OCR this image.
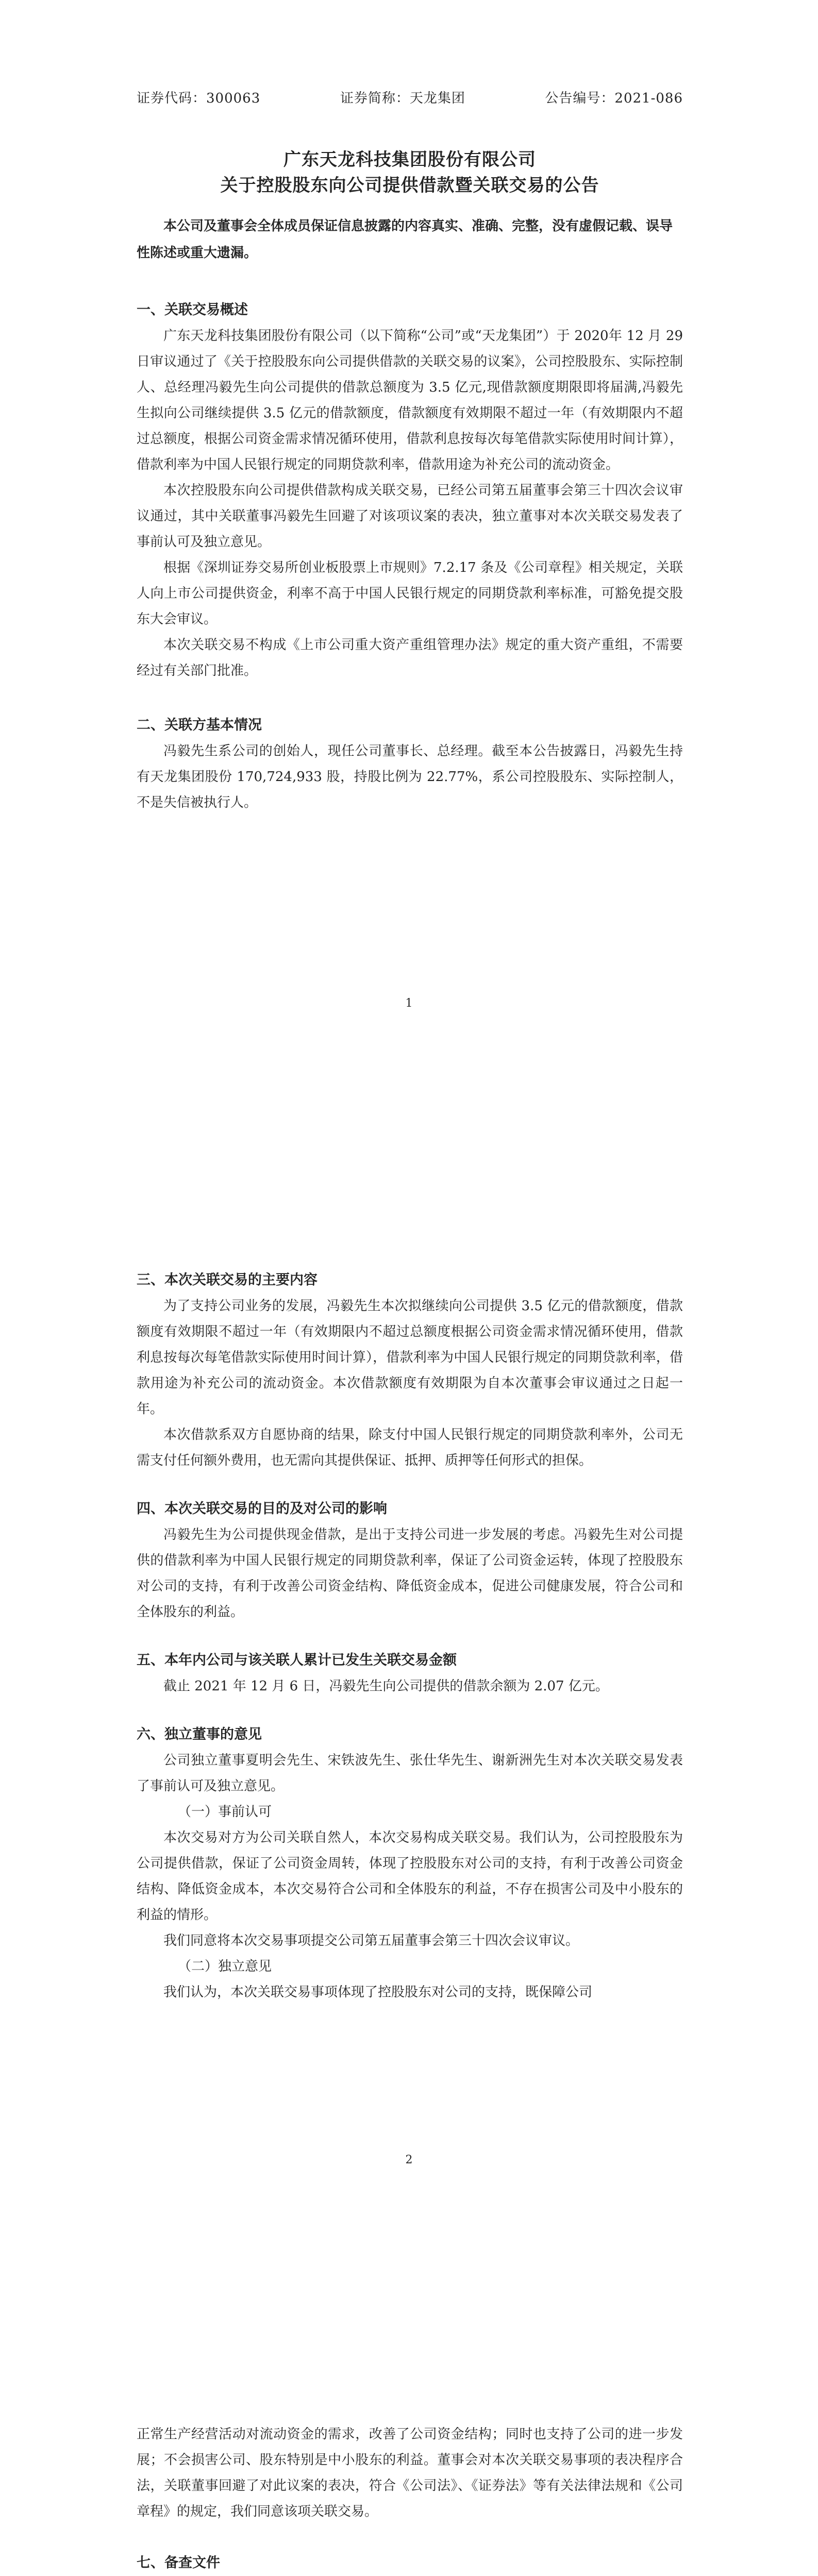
证券代码：300063	证券简称：天龙集团	公告编号：2021-086

广东天龙科技集团股份有限公司

关于控股股东向公司提供借款暨关联交易的公告

本公司及董事会全体成员保证信息披露的内容真实、准确、完整，没有虚假记载、误导性陈述或重大遗漏。

一、关联交易概述

广东天龙科技集团股份有限公司（以下简称“公司”或“天龙集团”）于 2020年 12 月 29 日审议通过了《关于控股股东向公司提供借款的关联交易的议案》，公司控股股东、实际控制人、总经理冯毅先生向公司提供的借款总额度为 3.5 亿元,现借款额度期限即将届满,冯毅先生拟向公司继续提供 3.5 亿元的借款额度，借款额度有效期限不超过一年（有效期限内不超过总额度，根据公司资金需求情况循环使用，借款利息按每次每笔借款实际使用时间计算），借款利率为中国人民银行规定的同期贷款利率，借款用途为补充公司的流动资金。

本次控股股东向公司提供借款构成关联交易，已经公司第五届董事会第三十四次会议审议通过，其中关联董事冯毅先生回避了对该项议案的表决，独立董事对本次关联交易发表了事前认可及独立意见。

根据《深圳证券交易所创业板股票上市规则》7.2.17 条及《公司章程》相关规定，关联人向上市公司提供资金，利率不高于中国人民银行规定的同期贷款利率标准，可豁免提交股东大会审议。

本次关联交易不构成《上市公司重大资产重组管理办法》规定的重大资产重组，不需要经过有关部门批准。

二、关联方基本情况

冯毅先生系公司的创始人，现任公司董事长、总经理。截至本公告披露日，冯毅先生持有天龙集团股份 170,724,933 股，持股比例为 22.77%，系公司控股股东、实际控制人，不是失信被执行人。

1

三、本次关联交易的主要内容

为了支持公司业务的发展，冯毅先生本次拟继续向公司提供 3.5 亿元的借款额度，借款额度有效期限不超过一年（有效期限内不超过总额度根据公司资金需求情况循环使用，借款利息按每次每笔借款实际使用时间计算），借款利率为中国人民银行规定的同期贷款利率，借款用途为补充公司的流动资金。本次借款额度有效期限为自本次董事会审议通过之日起一年。

本次借款系双方自愿协商的结果，除支付中国人民银行规定的同期贷款利率外，公司无需支付任何额外费用，也无需向其提供保证、抵押、质押等任何形式的担保。

四、本次关联交易的目的及对公司的影响

冯毅先生为公司提供现金借款，是出于支持公司进一步发展的考虑。冯毅先生对公司提供的借款利率为中国人民银行规定的同期贷款利率，保证了公司资金运转，体现了控股股东对公司的支持，有利于改善公司资金结构、降低资金成本，促进公司健康发展，符合公司和全体股东的利益。

五、本年内公司与该关联人累计已发生关联交易金额

截止 2021 年 12 月 6 日，冯毅先生向公司提供的借款余额为 2.07 亿元。

六、独立董事的意见

公司独立董事夏明会先生、宋铁波先生、张仕华先生、谢新洲先生对本次关联交易发表了事前认可及独立意见。

（一）事前认可

本次交易对方为公司关联自然人，本次交易构成关联交易。我们认为，公司控股股东为公司提供借款，保证了公司资金周转，体现了控股股东对公司的支持，有利于改善公司资金结构、降低资金成本，本次交易符合公司和全体股东的利益，不存在损害公司及中小股东的利益的情形。

我们同意将本次交易事项提交公司第五届董事会第三十四次会议审议。

（二）独立意见

我们认为，本次关联交易事项体现了控股股东对公司的支持，既保障公司

2

正常生产经营活动对流动资金的需求，改善了公司资金结构；同时也支持了公司的进一步发展；不会损害公司、股东特别是中小股东的利益。董事会对本次关联交易事项的表决程序合法，关联董事回避了对此议案的表决，符合《公司法》、《证券法》等有关法律法规和《公司章程》的规定，我们同意该项关联交易。

七、备查文件
